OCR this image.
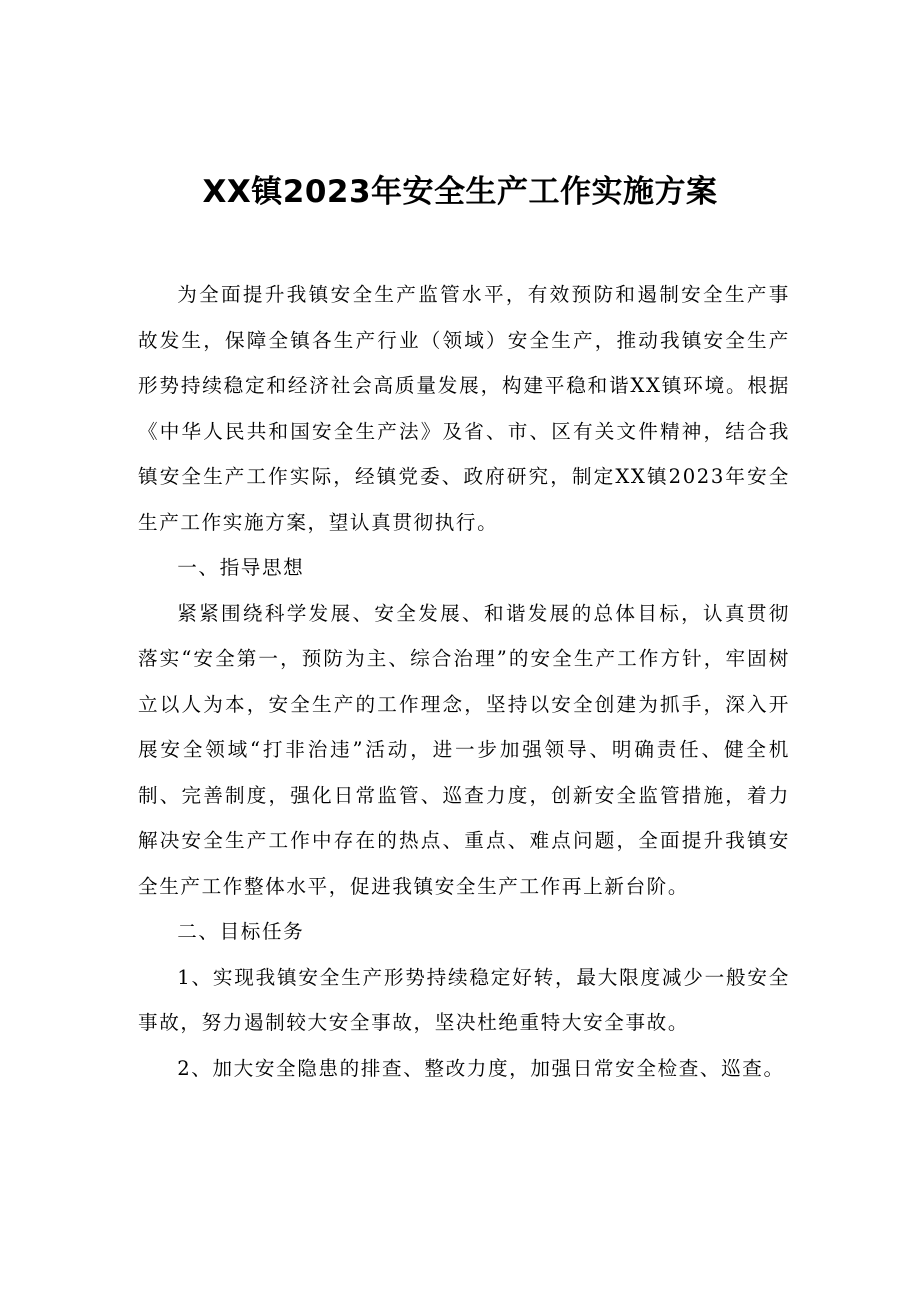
XX镇2023年安全生产工作实施方案

为全面提升我镇安全生产监管水平，有效预防和遏制安全生产事故发生，保障全镇各生产行业（领域）安全生产，推动我镇安全生产形势持续稳定和经济社会高质量发展，构建平稳和谐XX镇环境。根据《中华人民共和国安全生产法》及省、市、区有关文件精神，结合我镇安全生产工作实际，经镇党委、政府研究，制定XX镇2023年安全生产工作实施方案，望认真贯彻执行。

一、指导思想

紧紧围绕科学发展、安全发展、和谐发展的总体目标，认真贯彻落实“安全第一，预防为主、综合治理”的安全生产工作方针，牢固树立以人为本，安全生产的工作理念，坚持以安全创建为抓手，深入开展安全领域“打非治违”活动，进一步加强领导、明确责任、健全机制、完善制度，强化日常监管、巡查力度，创新安全监管措施，着力解决安全生产工作中存在的热点、重点、难点问题，全面提升我镇安全生产工作整体水平，促进我镇安全生产工作再上新台阶。

二、目标任务

1、实现我镇安全生产形势持续稳定好转，最大限度减少一般安全事故，努力遏制较大安全事故，坚决杜绝重特大安全事故。

2、加大安全隐患的排查、整改力度，加强日常安全检查、巡查。
